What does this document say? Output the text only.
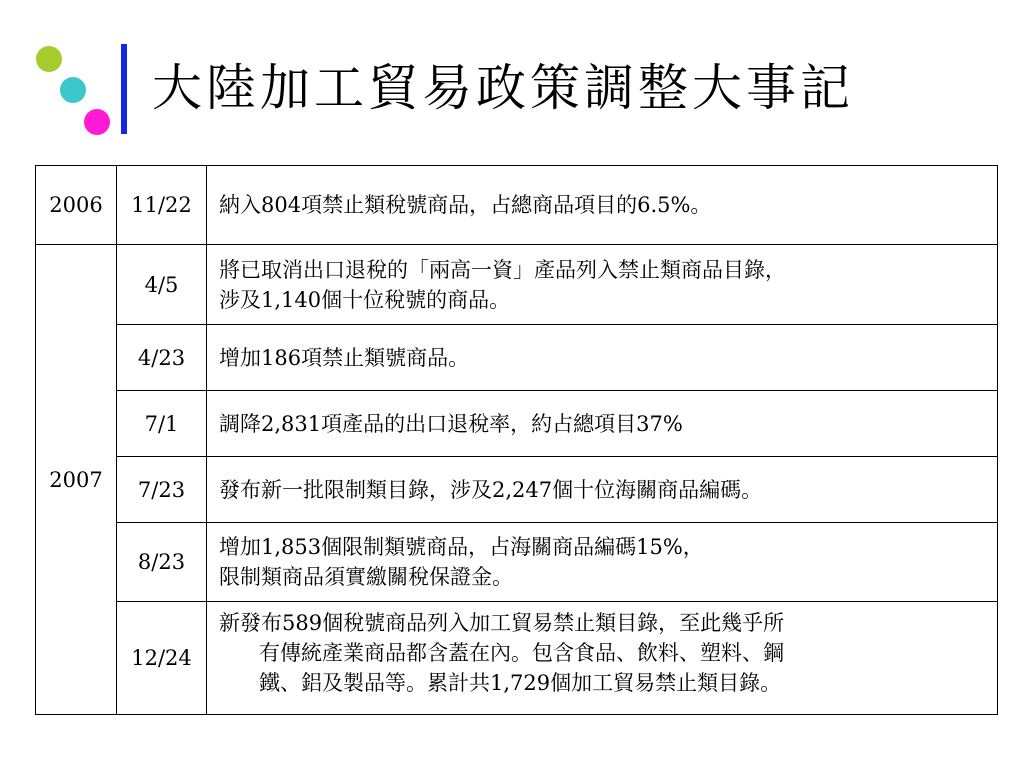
大陸加工貿易政策調整大事記
2006	11/22	納入804項禁止類稅號商品，占總商品項目的6.5%。

2007	4/5	將已取消出口退稅的「兩高一資」產品列入禁止類商品目錄，
涉及1,140個十位稅號的商品。

	4/23	增加186項禁止類號商品。

	7/1	調降2,831項產品的出口退稅率，約占總項目37%

	7/23	發布新一批限制類目錄，涉及2,247個十位海關商品編碼。

	8/23	增加1,853個限制類號商品，占海關商品編碼15%，
限制類商品須實繳關稅保證金。

	12/24	新發布589個稅號商品列入加工貿易禁止類目錄，至此幾乎所
有傳統產業商品都含蓋在內。包含食品、飲料、塑料、鋼
鐵、鋁及製品等。累計共1,729個加工貿易禁止類目錄。
